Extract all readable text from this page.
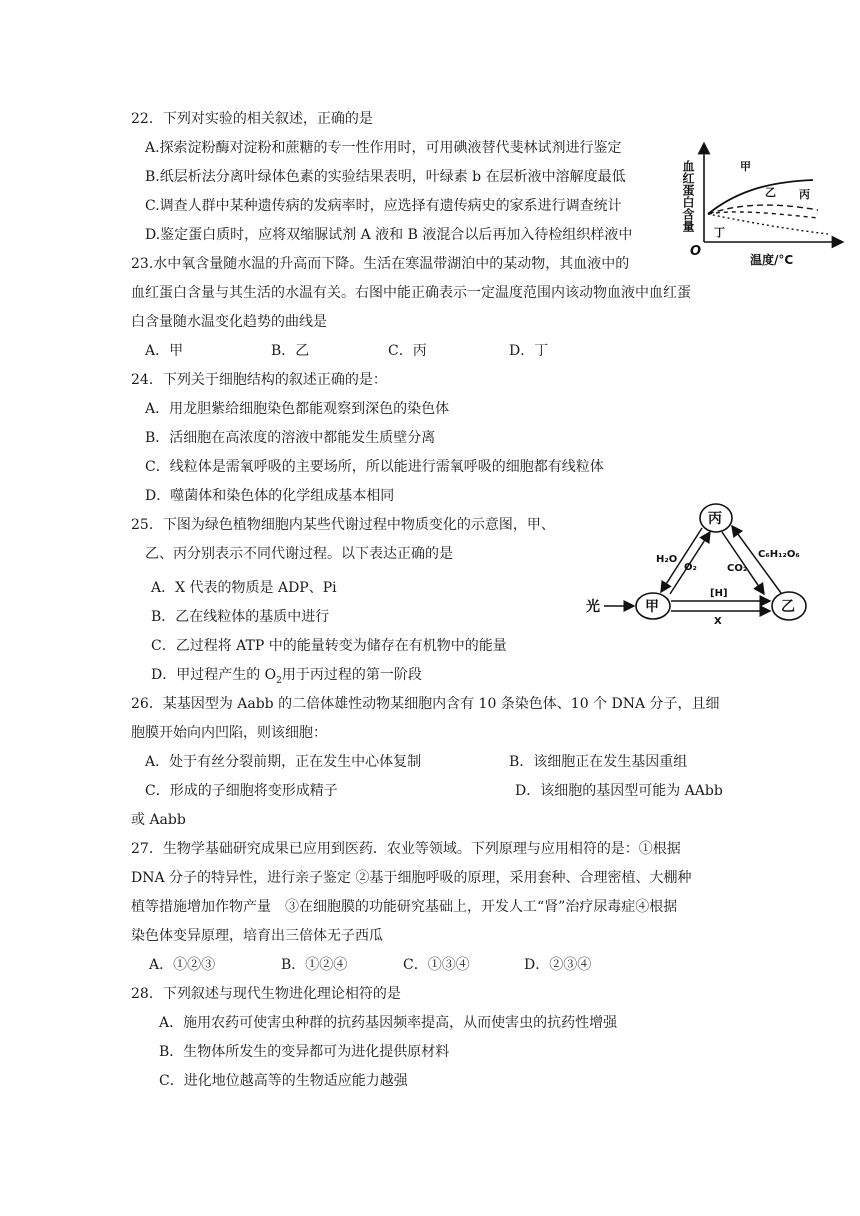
22．下列对实验的相关叙述，正确的是
A.探索淀粉酶对淀粉和蔗糖的专一性作用时，可用碘液替代斐林试剂进行鉴定
B.纸层析法分离叶绿体色素的实验结果表明，叶绿素 b 在层析液中溶解度最低
C.调查人群中某种遗传病的发病率时，应选择有遗传病史的家系进行调查统计
D.鉴定蛋白质时，应将双缩脲试剂 A 液和 B 液混合以后再加入待检组织样液中
血红蛋白含量
O
温度/°C
甲
乙 丙
丁
23.水中氧含量随水温的升高而下降。生活在寒温带湖泊中的某动物，其血液中的
血红蛋白含量与其生活的水温有关。右图中能正确表示一定温度范围内该动物血液中血红蛋
白含量随水温变化趋势的曲线是
A．甲	B．乙	C．丙	D．丁
24．下列关于细胞结构的叙述正确的是：
A．用龙胆紫给细胞染色都能观察到深色的染色体
B．活细胞在高浓度的溶液中都能发生质壁分离
C．线粒体是需氧呼吸的主要场所，所以能进行需氧呼吸的细胞都有线粒体
D．噬菌体和染色体的化学组成基本相同
25．下图为绿色植物细胞内某些代谢过程中物质变化的示意图，甲、
乙、丙分别表示不同代谢过程。以下表达正确的是
A．X 代表的物质是 ADP、Pi
B．乙在线粒体的基质中进行
C．乙过程将 ATP 中的能量转变为储存在有机物中的能量
D．甲过程产生的 $O_2$用于丙过程的第一阶段
丙
甲	乙
光
[H]
X
H₂O
O₂	CO₂
C₆H₁₂O₆
26．某基因型为 Aabb 的二倍体雄性动物某细胞内含有 10 条染色体、10 个 DNA 分子，且细
胞膜开始向内凹陷，则该细胞：
A．处于有丝分裂前期，正在发生中心体复制	B．该细胞正在发生基因重组
C．形成的子细胞将变形成精子	D．该细胞的基因型可能为 AAbb
或 Aabb
27．生物学基础研究成果已应用到医药．农业等领域。下列原理与应用相符的是：①根据
DNA 分子的特异性，进行亲子鉴定 ②基于细胞呼吸的原理，采用套种、合理密植、大棚种
植等措施增加作物产量　③在细胞膜的功能研究基础上，开发人工“肾”治疗尿毒症④根据
染色体变异原理，培育出三倍体无子西瓜
A．①②③	B．①②④	C．①③④	D．②③④
28．下列叙述与现代生物进化理论相符的是
A．施用农药可使害虫种群的抗药基因频率提高，从而使害虫的抗药性增强
B．生物体所发生的变异都可为进化提供原材料
C．进化地位越高等的生物适应能力越强
